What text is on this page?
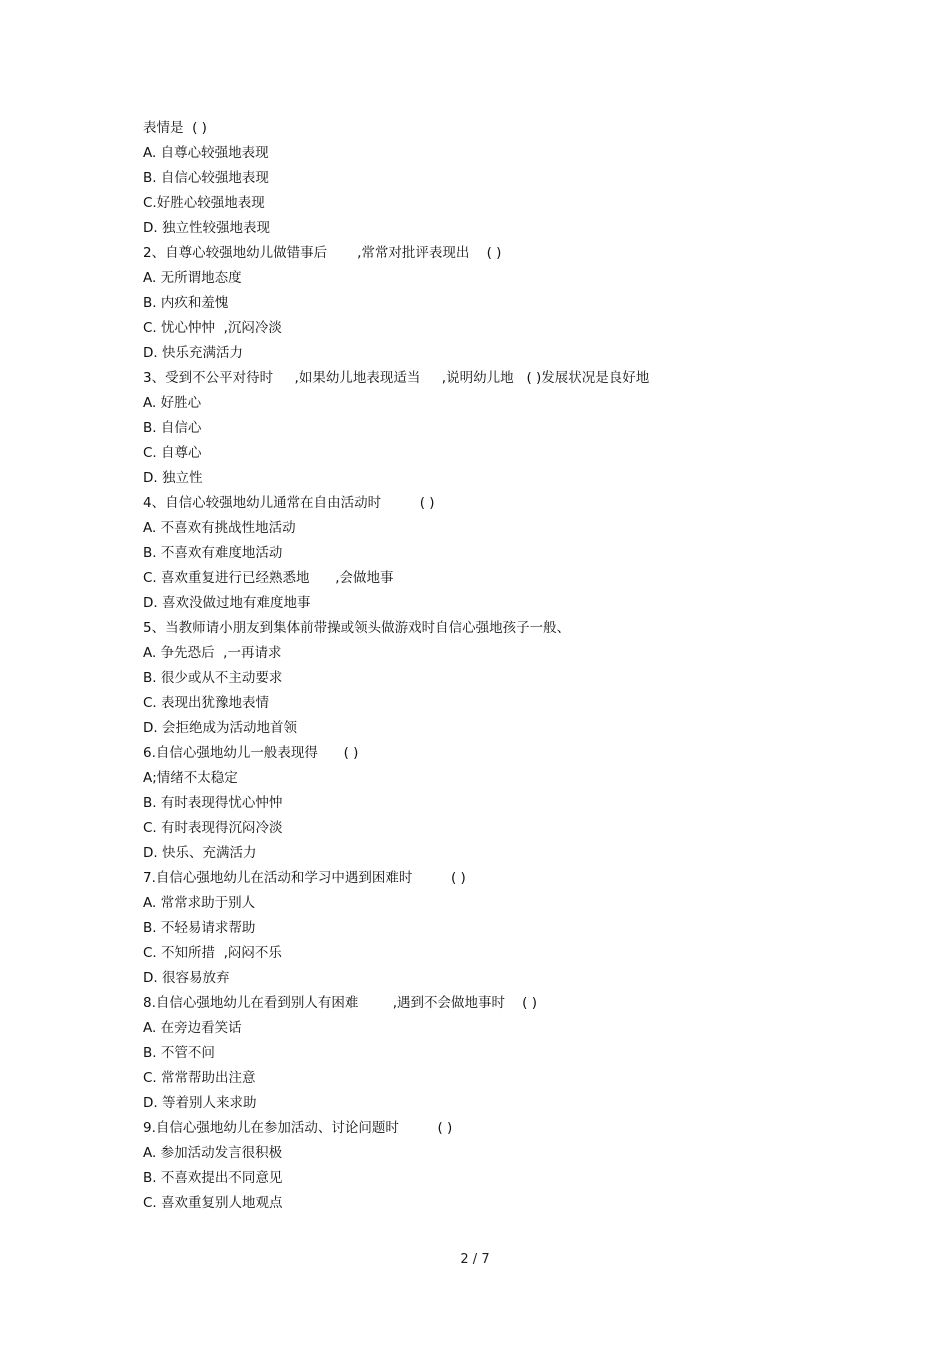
表情是  ( )
A. 自尊心较强地表现
B. 自信心较强地表现
C.好胜心较强地表现
D. 独立性较强地表现
2、自尊心较强地幼儿做错事后       ,常常对批评表现出    ( )
A. 无所谓地态度
B. 内疚和羞愧
C. 忧心忡忡  ,沉闷冷淡
D. 快乐充满活力
3、受到不公平对待时     ,如果幼儿地表现适当     ,说明幼儿地   ( )发展状况是良好地
A. 好胜心
B. 自信心
C. 自尊心
D. 独立性
4、自信心较强地幼儿通常在自由活动时         ( )
A. 不喜欢有挑战性地活动
B. 不喜欢有难度地活动
C. 喜欢重复进行已经熟悉地      ,会做地事
D. 喜欢没做过地有难度地事
5、当教师请小朋友到集体前带操或领头做游戏时自信心强地孩子一般、
A. 争先恐后  ,一再请求
B. 很少或从不主动要求
C. 表现出犹豫地表情
D. 会拒绝成为活动地首领
6.自信心强地幼儿一般表现得      ( )
A;情绪不太稳定
B. 有时表现得忧心忡忡
C. 有时表现得沉闷冷淡
D. 快乐、充满活力
7.自信心强地幼儿在活动和学习中遇到困难时         ( )
A. 常常求助于别人
B. 不轻易请求帮助
C. 不知所措  ,闷闷不乐
D. 很容易放弃
8.自信心强地幼儿在看到别人有困难        ,遇到不会做地事时    ( )
A. 在旁边看笑话
B. 不管不问
C. 常常帮助出注意
D. 等着别人来求助
9.自信心强地幼儿在参加活动、讨论问题时         ( )
A. 参加活动发言很积极
B. 不喜欢提出不同意见
C. 喜欢重复别人地观点
2 / 7
